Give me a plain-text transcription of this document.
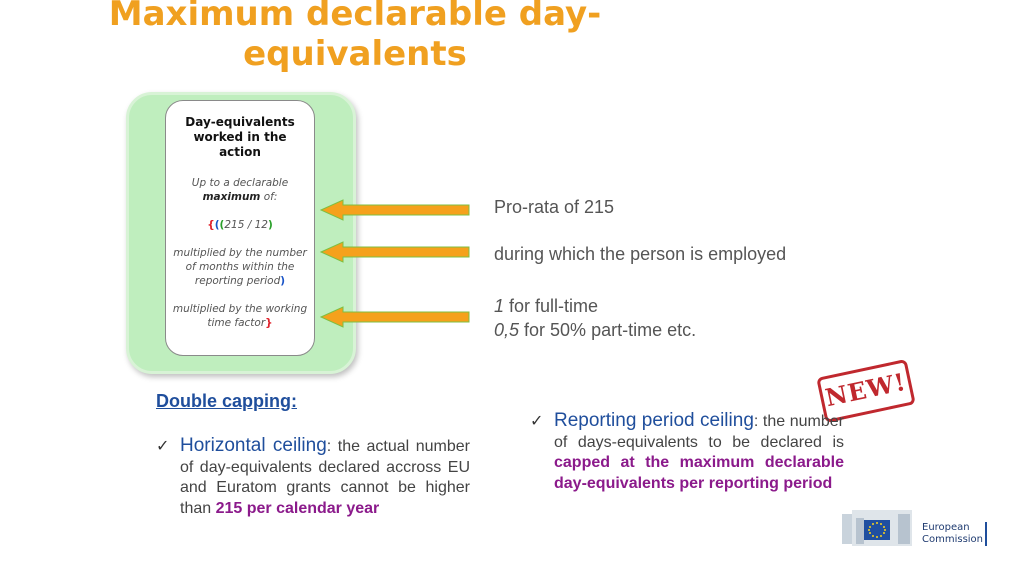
Maximum declarable day-equivalents
Day-equivalents worked in the action
Up to a declarable maximum of:
{((215 / 12)
multiplied by the number of months within the reporting period)
multiplied by the working time factor}
Pro-rata of 215
during which the person is employed
1 for full-time
0,5 for 50% part-time etc.
Double capping:
✓ Horizontal ceiling: the actual number of day-equivalents declared accross EU and Euratom grants cannot be higher than 215 per calendar year
NEW!
✓ Reporting period ceiling: the number of days-equivalents to be declared is capped at the maximum declarable day-equivalents per reporting period
European
Commission
